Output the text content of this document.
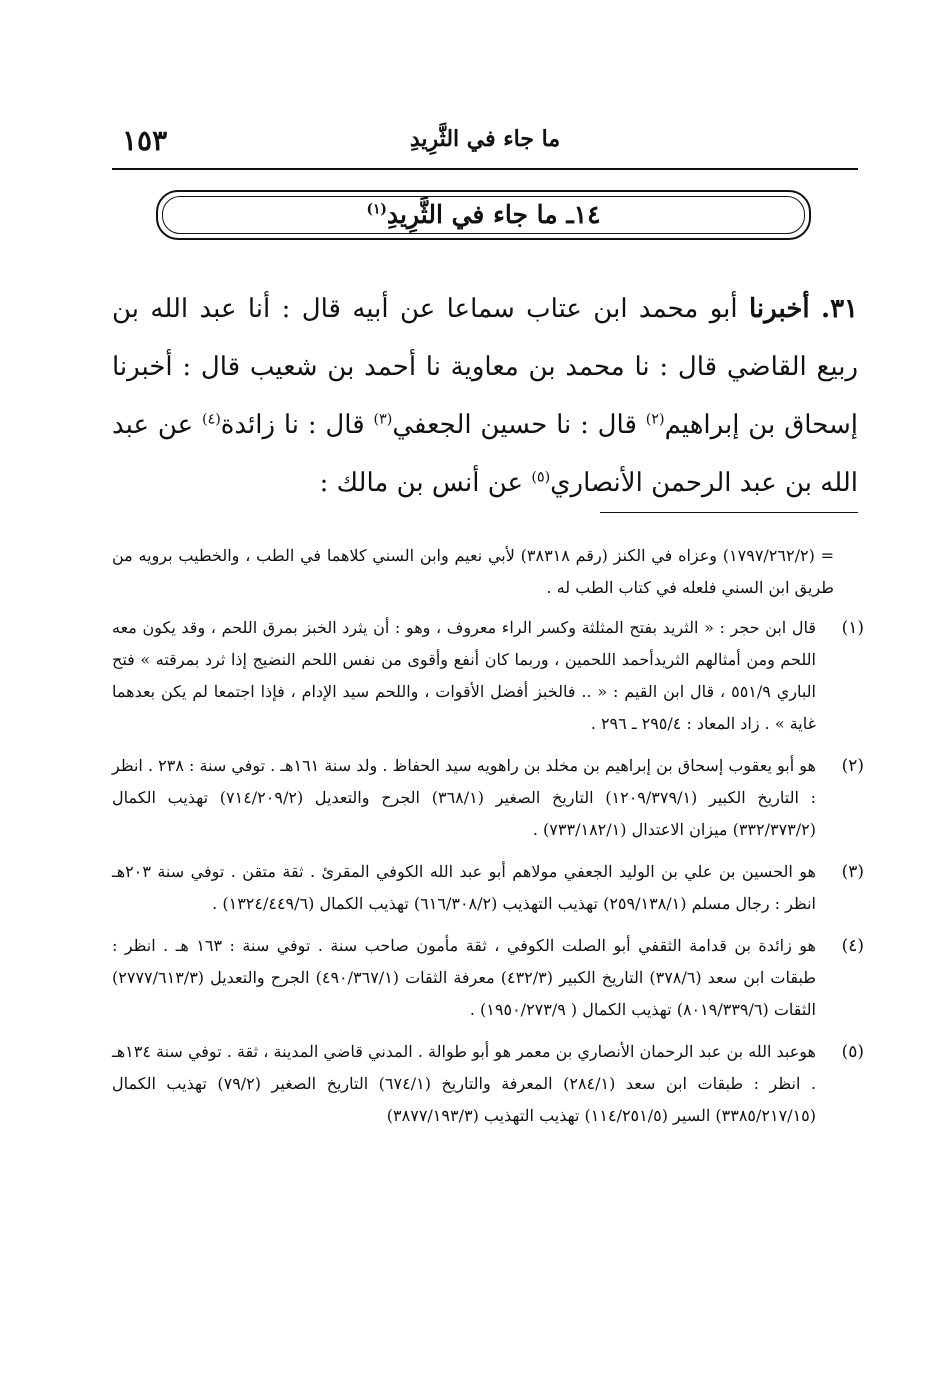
ما جاء في الثَّرِيدِ
١٥٣
١٤ـ ما جاء في الثَّرِيدِ$^{(١)}$
٣١. أخبرنا أبو محمد ابن عتاب سماعا عن أبيه قال : أنا عبد الله بن ربيع القاضي قال : نا محمد بن معاوية نا أحمد بن شعيب قال : أخبرنا إسحاق بن إبراهيم$^{(٢)}$ قال : نا حسين الجعفي$^{(٣)}$ قال : نا زائدة$^{(٤)}$ عن عبد الله بن عبد الرحمن الأنصاري$^{(٥)}$ عن أنس بن مالك :
= (١٧٩٧/٢٦٢/٢) وعزاه في الكنز (رقم ٣٨٣١٨) لأبي نعيم وابن السني كلاهما في الطب ، والخطيب برويه من طريق ابن السني فلعله في كتاب الطب له .
(١)
قال ابن حجر : « الثريد بفتح المثلثة وكسر الراء معروف ، وهو : أن يثرد الخبز بمرق اللحم ، وقد يكون معه اللحم ومن أمثالهم الثريدأحمد اللحمين ، وربما كان أنفع وأقوى من نفس اللحم النضيج إذا ثرد بمرقته » فتح الباري ٥٥١/٩ ، قال ابن القيم : « .. فالخبز أفضل الأقوات ، واللحم سيد الإدام ، فإذا اجتمعا لم يكن بعدهما غاية » . زاد المعاد : ٢٩٥/٤ ـ ٢٩٦ .
(٢)
هو أبو يعقوب إسحاق بن إبراهيم بن مخلد بن راهويه سيد الحفاظ . ولد سنة ١٦١هـ . توفي سنة : ٢٣٨ . انظر : التاريخ الكبير (١٢٠٩/٣٧٩/١) التاريخ الصغير (٣٦٨/١) الجرح والتعديل (٧١٤/٢٠٩/٢) تهذيب الكمال (٣٣٢/٣٧٣/٢) ميزان الاعتدال (٧٣٣/١٨٢/١) .
(٣)
هو الحسين بن علي بن الوليد الجعفي مولاهم أبو عبد الله الكوفي المقرئ . ثقة متقن . توفي سنة ٢٠٣هـ انظر : رجال مسلم (٢٥٩/١٣٨/١) تهذيب التهذيب (٦١٦/٣٠٨/٢) تهذيب الكمال (١٣٢٤/٤٤٩/٦) .
(٤)
هو زائدة بن قدامة الثقفي أبو الصلت الكوفي ، ثقة مأمون صاحب سنة . توفي سنة : ١٦٣ هـ . انظر : طبقات ابن سعد (٣٧٨/٦) التاريخ الكبير (٤٣٢/٣) معرفة الثقات (٤٩٠/٣٦٧/١) الجرح والتعديل (٢٧٧٧/٦١٣/٣) الثقات (٨٠١٩/٣٣٩/٦) تهذيب الكمال ( ١٩٥٠/٢٧٣/٩) .
(٥)
هوعبد الله بن عبد الرحمان الأنصاري بن معمر هو أبو طوالة . المدني قاضي المدينة ، ثقة . توفي سنة ١٣٤هـ . انظر : طبقات ابن سعد (٢٨٤/١) المعرفة والتاريخ (٦٧٤/١) التاريخ الصغير (٧٩/٢) تهذيب الكمال (٣٣٨٥/٢١٧/١٥) السير (١١٤/٢٥١/٥) تهذيب التهذيب (٣٨٧٧/١٩٣/٣)
